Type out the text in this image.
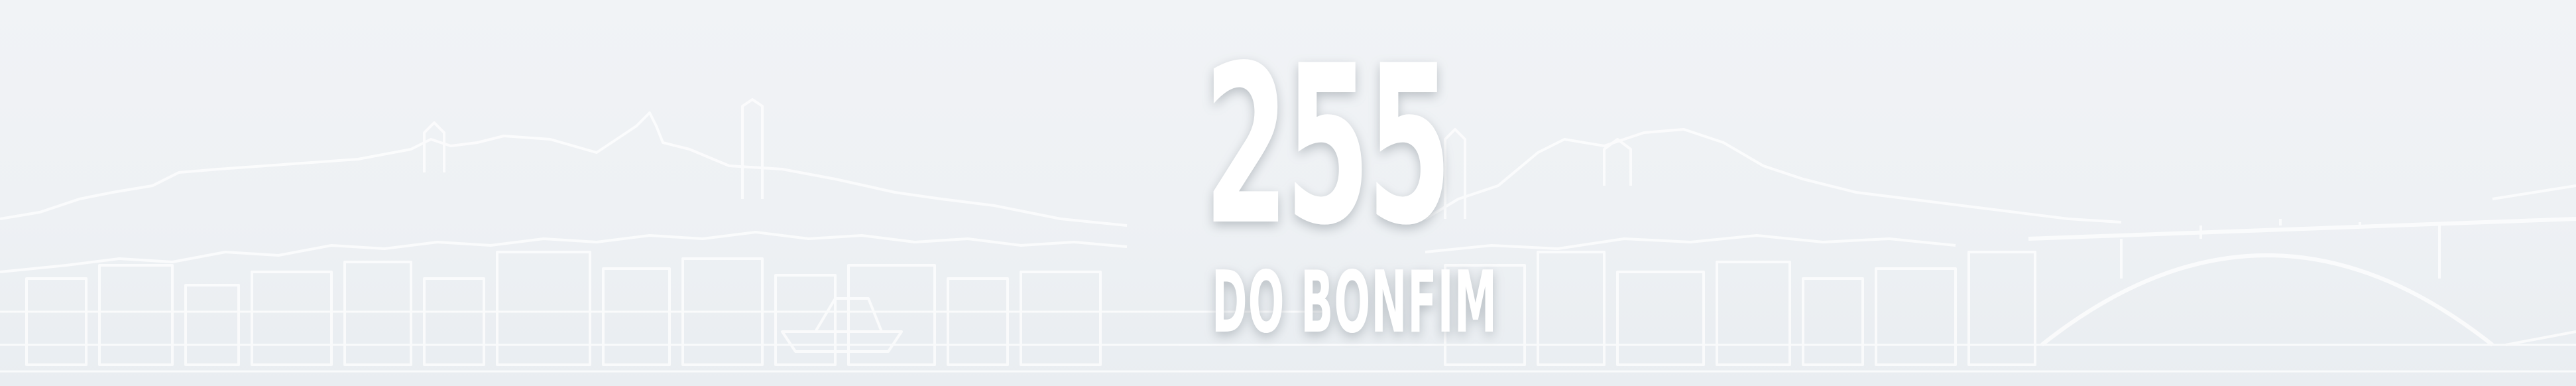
255
DO BONFIM
